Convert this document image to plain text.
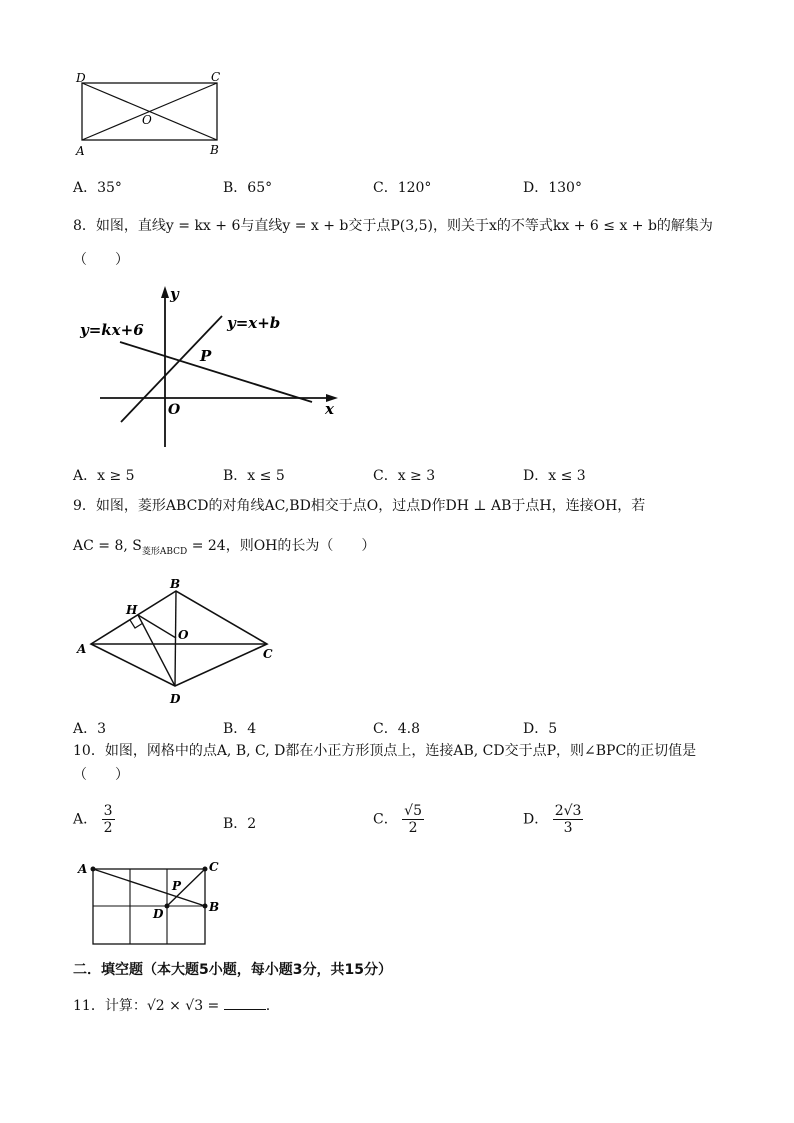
D	C
O
A	B
A．35°	B．65°	C．120°	D．130°
8．如图，直线y = kx + 6与直线y = x + b交于点P(3,5)，则关于x的不等式kx + 6 ≤ x + b的解集为
（　　）
y
x
O
P
y=kx+6	y=x+b
A．x ≥ 5	B．x ≤ 5	C．x ≥ 3	D．x ≤ 3
9．如图，菱形ABCD的对角线AC,BD相交于点O，过点D作DH ⊥ AB于点H，连接OH，若
AC = 8, $S_{菱形ABCD} = 24$，则OH的长为（　　）
A
B
C
D
H
O
A．3	B．4	C．4.8	D．5
10．如图，网格中的点A, B, C, D都在小正方形顶点上，连接AB, CD交于点P，则∠BPC的正切值是
（　　）
A． $\frac{3}{2}$	B．2	C． $\frac{√5}{2}$	D． $\frac{2√3}{3}$
A	C
B
D
P
二．填空题（本大题5小题，每小题3分，共15分）
11．计算：√2 × √3 =	.
